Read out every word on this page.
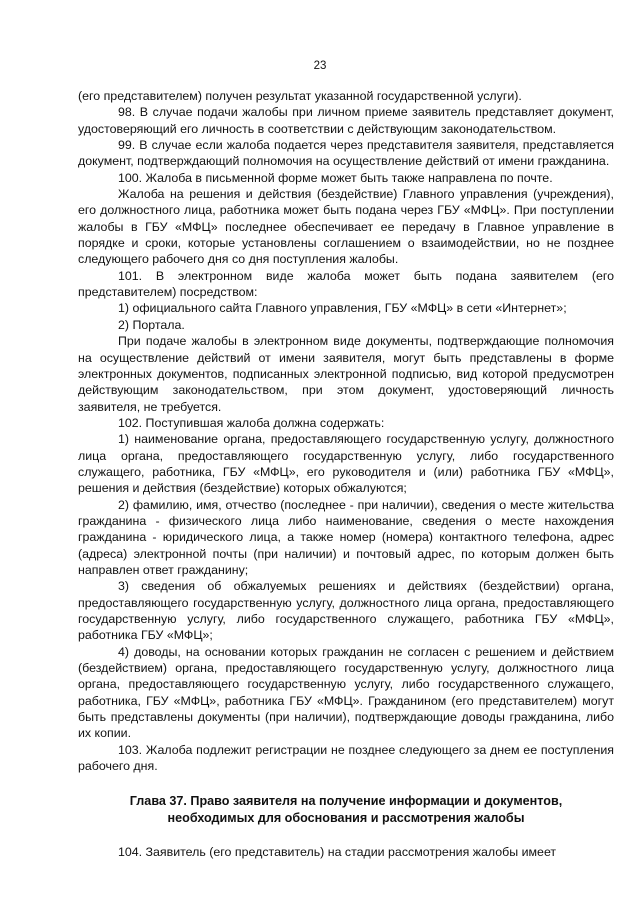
23

(его представителем) получен результат указанной государственной услуги).

98. В случае подачи жалобы при личном приеме заявитель представляет документ, удостоверяющий его личность в соответствии с действующим законодательством.

99. В случае если жалоба подается через представителя заявителя, представляется документ, подтверждающий полномочия на осуществление действий от имени гражданина.

100. Жалоба в письменной форме может быть также направлена по почте.

Жалоба на решения и действия (бездействие) Главного управления (учреждения), его должностного лица, работника может быть подана через ГБУ «МФЦ». При поступлении жалобы в ГБУ «МФЦ» последнее обеспечивает ее передачу в Главное управление в порядке и сроки, которые установлены соглашением о взаимодействии, но не позднее следующего рабочего дня со дня поступления жалобы.

101. В электронном виде жалоба может быть подана заявителем (его представителем) посредством:

1) официального сайта Главного управления, ГБУ «МФЦ» в сети «Интернет»;

2) Портала.

При подаче жалобы в электронном виде документы, подтверждающие полномочия на осуществление действий от имени заявителя, могут быть представлены в форме электронных документов, подписанных электронной подписью, вид которой предусмотрен действующим законодательством, при этом документ, удостоверяющий личность заявителя, не требуется.

102. Поступившая жалоба должна содержать:

1) наименование органа, предоставляющего государственную услугу, должностного лица органа, предоставляющего государственную услугу, либо государственного служащего, работника, ГБУ «МФЦ», его руководителя и (или) работника ГБУ «МФЦ», решения и действия (бездействие) которых обжалуются;

2) фамилию, имя, отчество (последнее - при наличии), сведения о месте жительства гражданина - физического лица либо наименование, сведения о месте нахождения гражданина - юридического лица, а также номер (номера) контактного телефона, адрес (адреса) электронной почты (при наличии) и почтовый адрес, по которым должен быть направлен ответ гражданину;

3) сведения об обжалуемых решениях и действиях (бездействии) органа, предоставляющего государственную услугу, должностного лица органа, предоставляющего государственную услугу, либо государственного служащего, работника ГБУ «МФЦ», работника ГБУ «МФЦ»;

4) доводы, на основании которых гражданин не согласен с решением и действием (бездействием) органа, предоставляющего государственную услугу, должностного лица органа, предоставляющего государственную услугу, либо государственного служащего, работника, ГБУ «МФЦ», работника ГБУ «МФЦ». Гражданином (его представителем) могут быть представлены документы (при наличии), подтверждающие доводы гражданина, либо их копии.

103. Жалоба подлежит регистрации не позднее следующего за днем ее поступления рабочего дня.

Глава 37. Право заявителя на получение информации и документов, необходимых для обоснования и рассмотрения жалобы

104. Заявитель (его представитель) на стадии рассмотрения жалобы имеет
